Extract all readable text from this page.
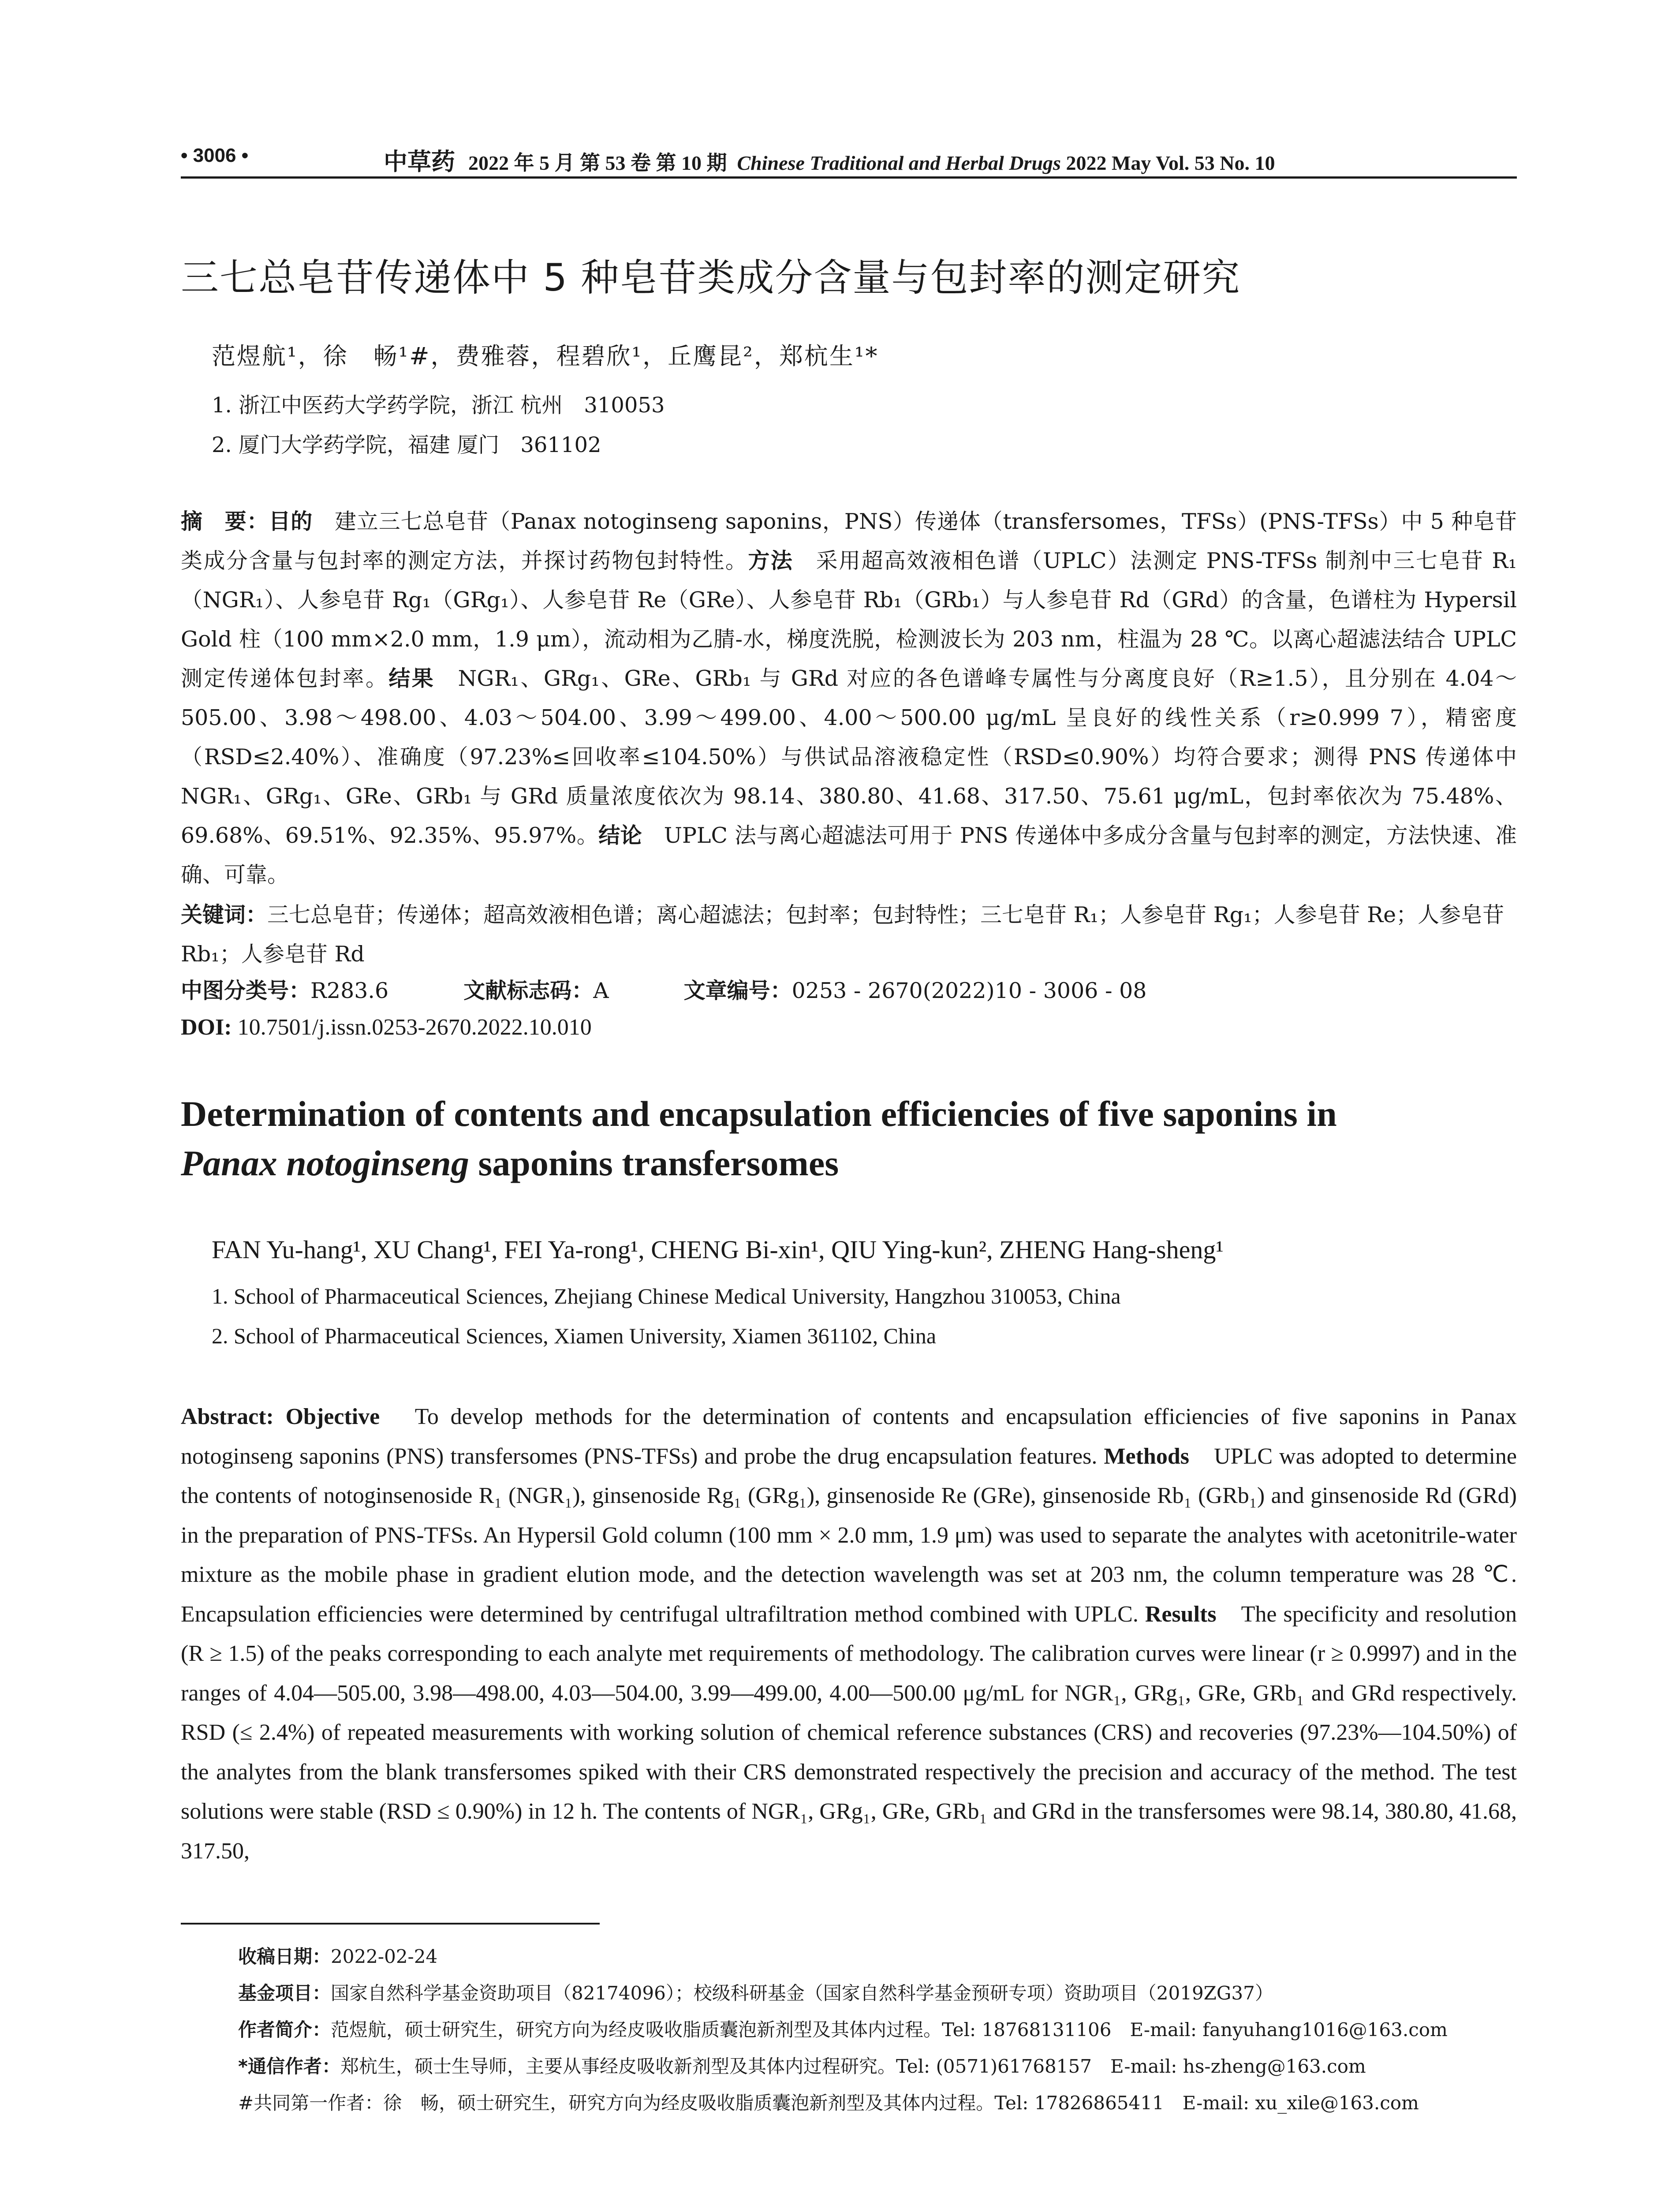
• 3006 •	中草药 2022 年 5 月 第 53 卷 第 10 期 Chinese Traditional and Herbal Drugs 2022 May Vol. 53 No. 10
三七总皂苷传递体中 5 种皂苷类成分含量与包封率的测定研究
范煜航¹，徐　畅¹#，费雅蓉，程碧欣¹，丘鹰昆²，郑杭生¹*
1. 浙江中医药大学药学院，浙江 杭州　310053
2. 厦门大学药学院，福建 厦门　361102
摘　要：目的　建立三七总皂苷（Panax notoginseng saponins，PNS）传递体（transfersomes，TFSs）(PNS-TFSs）中 5 种皂苷类成分含量与包封率的测定方法，并探讨药物包封特性。方法　采用超高效液相色谱（UPLC）法测定 PNS-TFSs 制剂中三七皂苷 R₁（NGR₁）、人参皂苷 Rg₁（GRg₁）、人参皂苷 Re（GRe）、人参皂苷 Rb₁（GRb₁）与人参皂苷 Rd（GRd）的含量，色谱柱为 Hypersil Gold 柱（100 mm×2.0 mm，1.9 μm），流动相为乙腈-水，梯度洗脱，检测波长为 203 nm，柱温为 28 ℃。以离心超滤法结合 UPLC 测定传递体包封率。结果　NGR₁、GRg₁、GRe、GRb₁ 与 GRd 对应的各色谱峰专属性与分离度良好（R≥1.5），且分别在 4.04～505.00、3.98～498.00、4.03～504.00、3.99～499.00、4.00～500.00 μg/mL 呈良好的线性关系（r≥0.999 7），精密度（RSD≤2.40%）、准确度（97.23%≤回收率≤104.50%）与供试品溶液稳定性（RSD≤0.90%）均符合要求；测得 PNS 传递体中 NGR₁、GRg₁、GRe、GRb₁ 与 GRd 质量浓度依次为 98.14、380.80、41.68、317.50、75.61 μg/mL，包封率依次为 75.48%、69.68%、69.51%、92.35%、95.97%。结论　UPLC 法与离心超滤法可用于 PNS 传递体中多成分含量与包封率的测定，方法快速、准确、可靠。
关键词：三七总皂苷；传递体；超高效液相色谱；离心超滤法；包封率；包封特性；三七皂苷 R₁；人参皂苷 Rg₁；人参皂苷 Re；人参皂苷 Rb₁；人参皂苷 Rd
中图分类号：R283.6	文献标志码：A	文章编号：0253 - 2670(2022)10 - 3006 - 08
DOI: 10.7501/j.issn.0253-2670.2022.10.010
Determination of contents and encapsulation efficiencies of five saponins in
Panax notoginseng saponins transfersomes
FAN Yu-hang¹, XU Chang¹, FEI Ya-rong¹, CHENG Bi-xin¹, QIU Ying-kun², ZHENG Hang-sheng¹
1. School of Pharmaceutical Sciences, Zhejiang Chinese Medical University, Hangzhou 310053, China
2. School of Pharmaceutical Sciences, Xiamen University, Xiamen 361102, China
Abstract: Objective　To develop methods for the determination of contents and encapsulation efficiencies of five saponins in Panax notoginseng saponins (PNS) transfersomes (PNS-TFSs) and probe the drug encapsulation features. Methods　UPLC was adopted to determine the contents of notoginsenoside R₁ (NGR₁), ginsenoside Rg₁ (GRg₁), ginsenoside Re (GRe), ginsenoside Rb₁ (GRb₁) and ginsenoside Rd (GRd) in the preparation of PNS-TFSs. An Hypersil Gold column (100 mm × 2.0 mm, 1.9 μm) was used to separate the analytes with acetonitrile-water mixture as the mobile phase in gradient elution mode, and the detection wavelength was set at 203 nm, the column temperature was 28 ℃. Encapsulation efficiencies were determined by centrifugal ultrafiltration method combined with UPLC. Results　The specificity and resolution (R ≥ 1.5) of the peaks corresponding to each analyte met requirements of methodology. The calibration curves were linear (r ≥ 0.9997) and in the ranges of 4.04—505.00, 3.98—498.00, 4.03—504.00, 3.99—499.00, 4.00—500.00 μg/mL for NGR₁, GRg₁, GRe, GRb₁ and GRd respectively. RSD (≤ 2.4%) of repeated measurements with working solution of chemical reference substances (CRS) and recoveries (97.23%—104.50%) of the analytes from the blank transfersomes spiked with their CRS demonstrated respectively the precision and accuracy of the method. The test solutions were stable (RSD ≤ 0.90%) in 12 h. The contents of NGR₁, GRg₁, GRe, GRb₁ and GRd in the transfersomes were 98.14, 380.80, 41.68, 317.50,
收稿日期：2022-02-24
基金项目：国家自然科学基金资助项目（82174096）；校级科研基金（国家自然科学基金预研专项）资助项目（2019ZG37）
作者简介：范煜航，硕士研究生，研究方向为经皮吸收脂质囊泡新剂型及其体内过程。Tel: 18768131106　E-mail: fanyuhang1016@163.com
*通信作者：郑杭生，硕士生导师，主要从事经皮吸收新剂型及其体内过程研究。Tel: (0571)61768157　E-mail: hs-zheng@163.com
#共同第一作者：徐　畅，硕士研究生，研究方向为经皮吸收脂质囊泡新剂型及其体内过程。Tel: 17826865411　E-mail: xu_xile@163.com
